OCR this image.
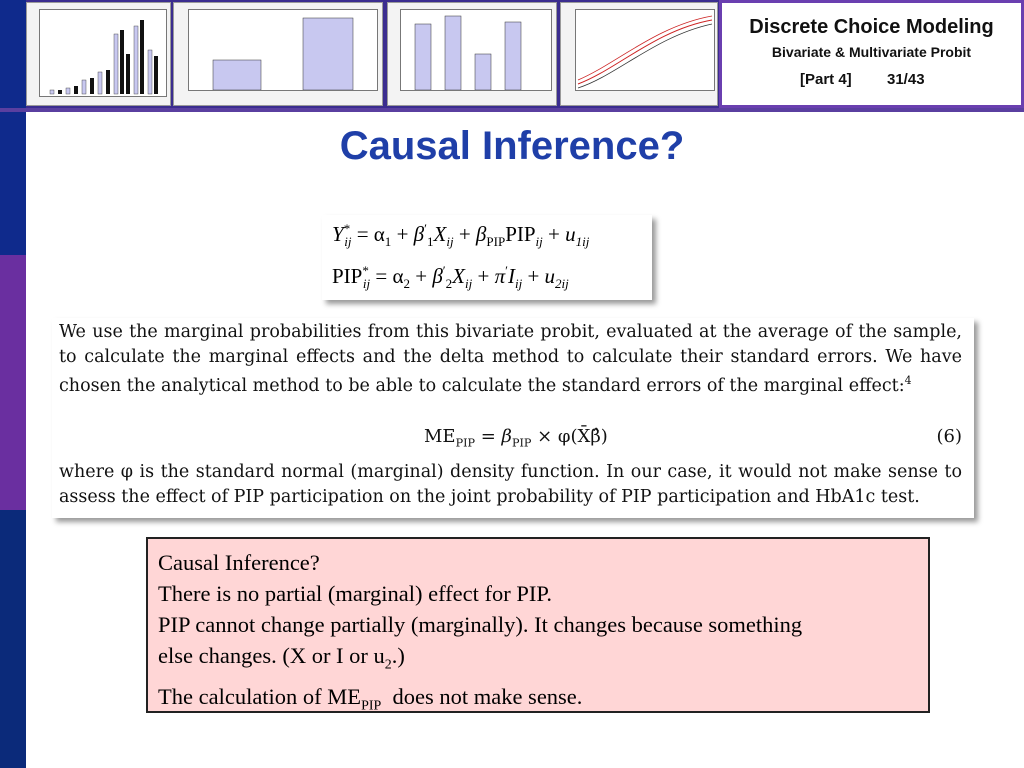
Discrete Choice Modeling
Bivariate & Multivariate Probit
[Part 4] 31/43
Causal Inference?
$Y^*_{ij} = \alpha_1 + \beta'_1X_{ij} + \beta_{PIP}PIP_{ij} + u_{1ij}$
$PIP^*_{ij} = \alpha_2 + \beta'_2X_{ij} + \pi'I_{ij} + u_{2ij}$
We use the marginal probabilities from this bivariate probit, evaluated at the average of the sample, to calculate the marginal effects and the delta method to calculate their standard errors. We have chosen the analytical method to be able to calculate the standard errors of the marginal effect:$^4$
$ME_{PIP} = \beta_{PIP}$ × φ(X̄β̂)	(6)
where φ is the standard normal (marginal) density function. In our case, it would not make sense to assess the effect of PIP participation on the joint probability of PIP participation and HbA1c test.
Causal Inference?
There is no partial (marginal) effect for PIP.
PIP cannot change partially (marginally). It changes because something
else changes. (X or I or $u_2$.)
The calculation of $ME_{PIP}$  does not make sense.
